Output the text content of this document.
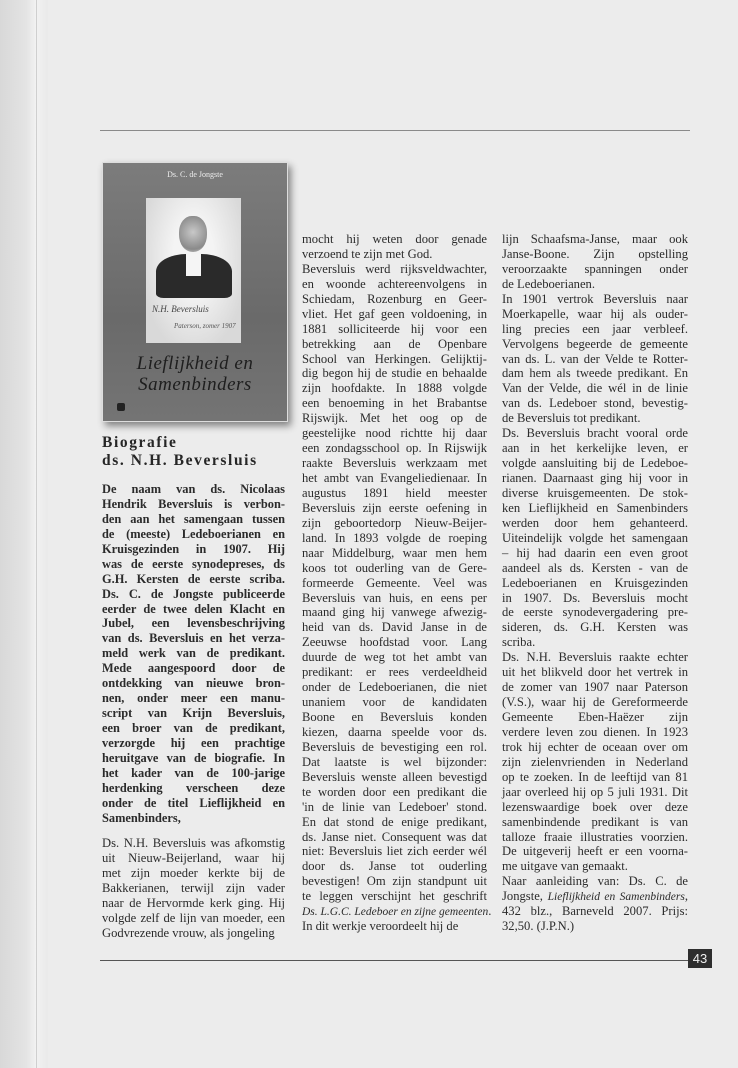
Ds. C. de Jongste
N.H. Beversluis
Paterson, zomer 1907
Lieflijkheid en
Samenbinders
Biografie
ds. N.H. Beversluis
De naam van ds. Nicolaas
Hendrik Beversluis is verbon-
den aan het samengaan tussen
de (meeste) Ledeboerianen en
Kruisgezinden in 1907. Hij
was de eerste synodepreses, ds
G.H. Kersten de eerste scriba.
Ds. C. de Jongste publiceerde
eerder de twee delen Klacht en
Jubel, een levensbeschrijving
van ds. Beversluis en het verza-
meld werk van de predikant.
Mede aangespoord door de
ontdekking van nieuwe bron-
nen, onder meer een manu-
script van Krijn Beversluis,
een broer van de predikant,
verzorgde hij een prachtige
heruitgave van de biografie. In
het kader van de 100-jarige
herdenking verscheen deze
onder de titel Lieflijkheid en
Samenbinders,
Ds. N.H. Beversluis was afkomstig
uit Nieuw-Beijerland, waar hij
met zijn moeder kerkte bij de
Bakkerianen, terwijl zijn vader
naar de Hervormde kerk ging. Hij
volgde zelf de lijn van moeder, een
Godvrezende vrouw, als jongeling
mocht hij weten door genade
verzoend te zijn met God.
Beversluis werd rijksveldwachter,
en woonde achtereenvolgens in
Schiedam, Rozenburg en Geer-
vliet. Het gaf geen voldoening, in
1881 solliciteerde hij voor een
betrekking aan de Openbare
School van Herkingen. Gelijktij-
dig begon hij de studie en behaalde
zijn hoofdakte. In 1888 volgde
een benoeming in het Brabantse
Rijswijk. Met het oog op de
geestelijke nood richtte hij daar
een zondagsschool op. In Rijswijk
raakte Beversluis werkzaam met
het ambt van Evangeliedienaar. In
augustus 1891 hield meester
Beversluis zijn eerste oefening in
zijn geboortedorp Nieuw-Beijer-
land. In 1893 volgde de roeping
naar Middelburg, waar men hem
koos tot ouderling van de Gere-
formeerde Gemeente. Veel was
Beversluis van huis, en eens per
maand ging hij vanwege afwezig-
heid van ds. David Janse in de
Zeeuwse hoofdstad voor. Lang
duurde de weg tot het ambt van
predikant: er rees verdeeldheid
onder de Ledeboerianen, die niet
unaniem voor de kandidaten
Boone en Beversluis konden
kiezen, daarna speelde voor ds.
Beversluis de bevestiging een rol.
Dat laatste is wel bijzonder:
Beversluis wenste alleen bevestigd
te worden door een predikant die
'in de linie van Ledeboer' stond.
En dat stond de enige predikant,
ds. Janse niet. Consequent was dat
niet: Beversluis liet zich eerder wél
door ds. Janse tot ouderling
bevestigen! Om zijn standpunt uit
te leggen verschijnt het geschrift
Ds. L.G.C. Ledeboer en zijne gemeenten.
In dit werkje veroordeelt hij de
lijn Schaafsma-Janse, maar ook
Janse-Boone. Zijn opstelling
veroorzaakte spanningen onder
de Ledeboerianen.
In 1901 vertrok Beversluis naar
Moerkapelle, waar hij als ouder-
ling precies een jaar verbleef.
Vervolgens begeerde de gemeente
van ds. L. van der Velde te Rotter-
dam hem als tweede predikant. En
Van der Velde, die wél in de linie
van ds. Ledeboer stond, bevestig-
de Beversluis tot predikant.
Ds. Beversluis bracht vooral orde
aan in het kerkelijke leven, er
volgde aansluiting bij de Ledeboe-
rianen. Daarnaast ging hij voor in
diverse kruisgemeenten. De stok-
ken Lieflijkheid en Samenbinders
werden door hem gehanteerd.
Uiteindelijk volgde het samengaan
– hij had daarin een even groot
aandeel als ds. Kersten - van de
Ledeboerianen en Kruisgezinden
in 1907. Ds. Beversluis mocht
de eerste synodevergadering pre-
sideren, ds. G.H. Kersten was
scriba.
Ds. N.H. Beversluis raakte echter
uit het blikveld door het vertrek in
de zomer van 1907 naar Paterson
(V.S.), waar hij de Gereformeerde
Gemeente Eben-Haëzer zijn
verdere leven zou dienen. In 1923
trok hij echter de oceaan over om
zijn zielenvrienden in Nederland
op te zoeken. In de leeftijd van 81
jaar overleed hij op 5 juli 1931. Dit
lezenswaardige boek over deze
samenbindende predikant is van
talloze fraaie illustraties voorzien.
De uitgeverij heeft er een voorna-
me uitgave van gemaakt.
Naar aanleiding van: Ds. C. de
Jongste, Lieflijkheid en Samenbinders,
432 blz., Barneveld 2007. Prijs:
32,50. (J.P.N.)
43
